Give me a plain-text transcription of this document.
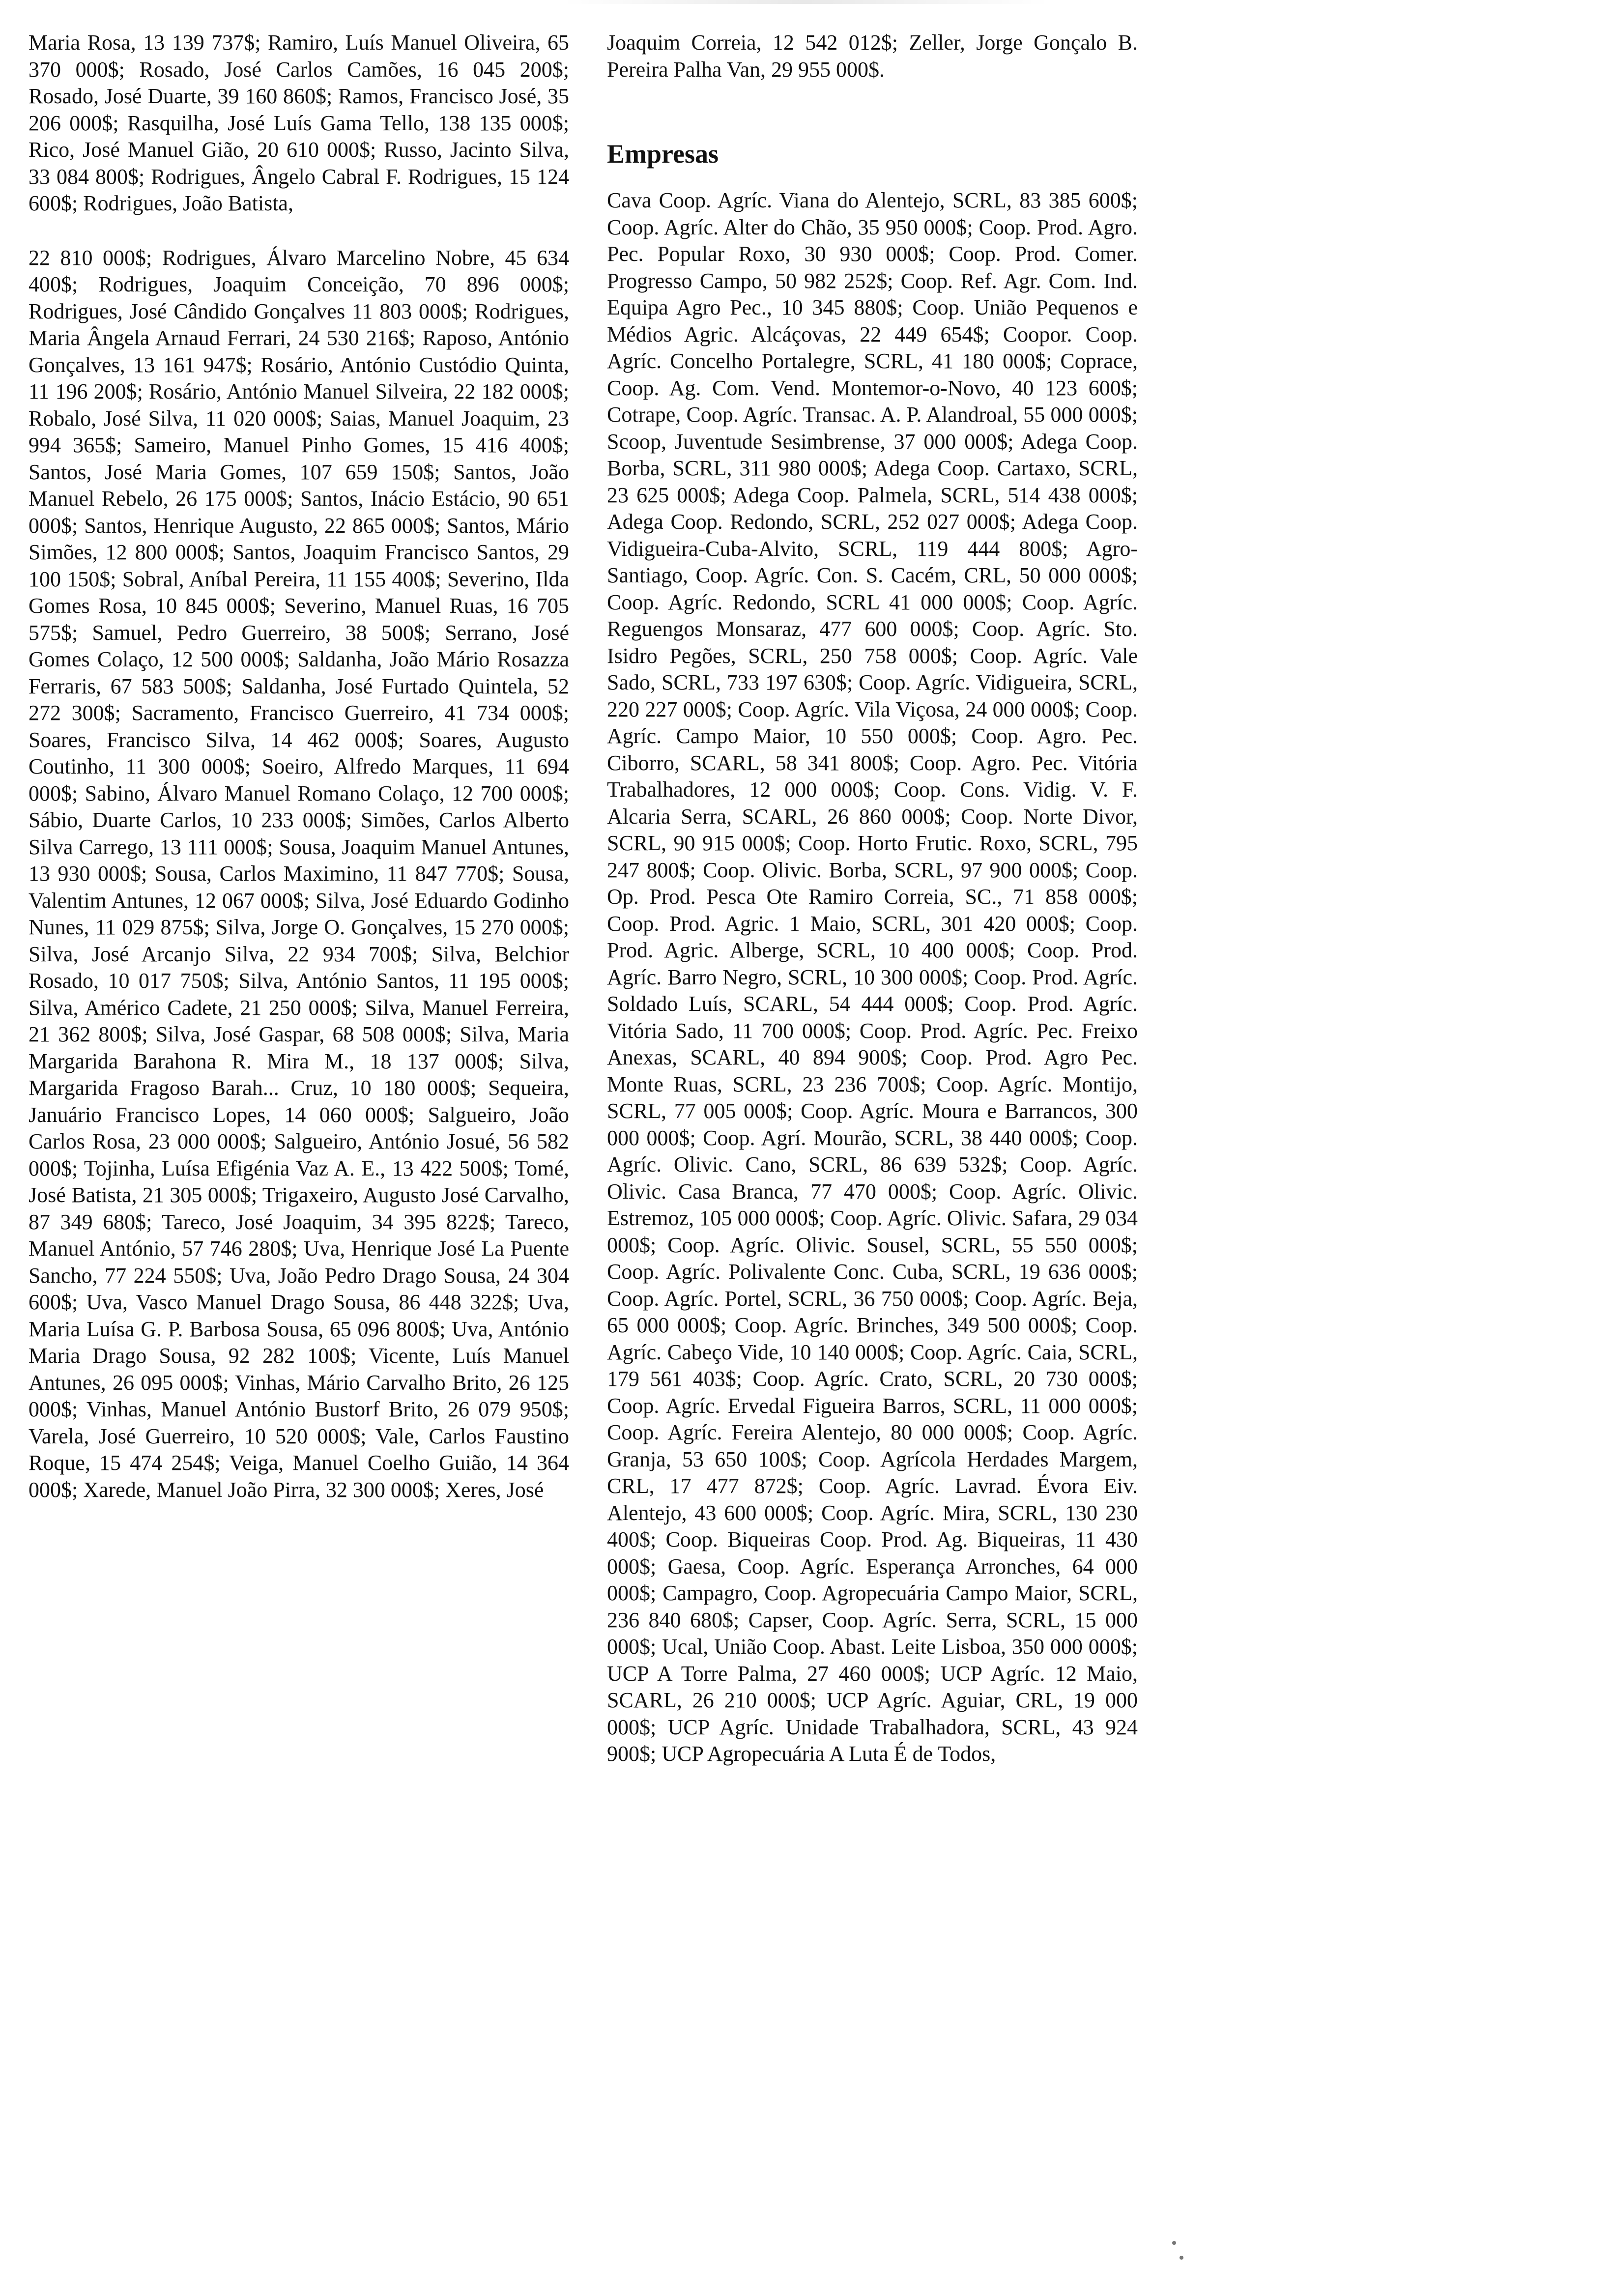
Maria Rosa, 13 139 737$; Ramiro, Luís Manuel Oliveira, 65 370 000$; Rosado, José Carlos Camões, 16 045 200$; Rosado, José Duarte, 39 160 860$; Ramos, Francisco José, 35 206 000$; Rasquilha, José Luís Gama Tello, 138 135 000$; Rico, José Manuel Gião, 20 610 000$; Russo, Jacinto Silva, 33 084 800$; Rodrigues, Ângelo Cabral F. Rodrigues, 15 124 600$; Rodrigues, João Batista,

22 810 000$; Rodrigues, Álvaro Marcelino Nobre, 45 634 400$; Rodrigues, Joaquim Conceição, 70 896 000$; Rodrigues, José Cândido Gonçalves 11 803 000$; Rodrigues, Maria Ângela Arnaud Ferrari, 24 530 216$; Raposo, António Gonçalves, 13 161 947$; Rosário, António Custódio Quinta, 11 196 200$; Rosário, António Manuel Silveira, 22 182 000$; Robalo, José Silva, 11 020 000$; Saias, Manuel Joaquim, 23 994 365$; Sameiro, Manuel Pinho Gomes, 15 416 400$; Santos, José Maria Gomes, 107 659 150$; Santos, João Manuel Rebelo, 26 175 000$; Santos, Inácio Estácio, 90 651 000$; Santos, Henrique Augusto, 22 865 000$; Santos, Mário Simões, 12 800 000$; Santos, Joaquim Francisco Santos, 29 100 150$; Sobral, Aníbal Pereira, 11 155 400$; Severino, Ilda Gomes Rosa, 10 845 000$; Severino, Manuel Ruas, 16 705 575$; Samuel, Pedro Guerreiro, 38 500$; Serrano, José Gomes Colaço, 12 500 000$; Saldanha, João Mário Rosazza Ferraris, 67 583 500$; Saldanha, José Furtado Quintela, 52 272 300$; Sacramento, Francisco Guerreiro, 41 734 000$; Soares, Francisco Silva, 14 462 000$; Soares, Augusto Coutinho, 11 300 000$; Soeiro, Alfredo Marques, 11 694 000$; Sabino, Álvaro Manuel Romano Colaço, 12 700 000$; Sábio, Duarte Carlos, 10 233 000$; Simões, Carlos Alberto Silva Carrego, 13 111 000$; Sousa, Joaquim Manuel Antunes, 13 930 000$; Sousa, Carlos Maximino, 11 847 770$; Sousa, Valentim Antunes, 12 067 000$; Silva, José Eduardo Godinho Nunes, 11 029 875$; Silva, Jorge O. Gonçalves, 15 270 000$; Silva, José Arcanjo Silva, 22 934 700$; Silva, Belchior Rosado, 10 017 750$; Silva, António Santos, 11 195 000$; Silva, Américo Cadete, 21 250 000$; Silva, Manuel Ferreira, 21 362 800$; Silva, José Gaspar, 68 508 000$; Silva, Maria Margarida Barahona R. Mira M., 18 137 000$; Silva, Margarida Fragoso Barah... Cruz, 10 180 000$; Sequeira, Januário Francisco Lopes, 14 060 000$; Salgueiro, João Carlos Rosa, 23 000 000$; Salgueiro, António Josué, 56 582 000$; Tojinha, Luísa Efigénia Vaz A. E., 13 422 500$; Tomé, José Batista, 21 305 000$; Trigaxeiro, Augusto José Carvalho, 87 349 680$; Tareco, José Joaquim, 34 395 822$; Tareco, Manuel António, 57 746 280$; Uva, Henrique José La Puente Sancho, 77 224 550$; Uva, João Pedro Drago Sousa, 24 304 600$; Uva, Vasco Manuel Drago Sousa, 86 448 322$; Uva, Maria Luísa G. P. Barbosa Sousa, 65 096 800$; Uva, António Maria Drago Sousa, 92 282 100$; Vicente, Luís Manuel Antunes, 26 095 000$; Vinhas, Mário Carvalho Brito, 26 125 000$; Vinhas, Manuel António Bustorf Brito, 26 079 950$; Varela, José Guerreiro, 10 520 000$; Vale, Carlos Faustino Roque, 15 474 254$; Veiga, Manuel Coelho Guião, 14 364 000$; Xarede, Manuel João Pirra, 32 300 000$; Xeres, José

Joaquim Correia, 12 542 012$; Zeller, Jorge Gonçalo B. Pereira Palha Van, 29 955 000$.

Empresas

Cava Coop. Agríc. Viana do Alentejo, SCRL, 83 385 600$; Coop. Agríc. Alter do Chão, 35 950 000$; Coop. Prod. Agro. Pec. Popular Roxo, 30 930 000$; Coop. Prod. Comer. Progresso Campo, 50 982 252$; Coop. Ref. Agr. Com. Ind. Equipa Agro Pec., 10 345 880$; Coop. União Pequenos e Médios Agric. Alcáçovas, 22 449 654$; Coopor. Coop. Agríc. Concelho Portalegre, SCRL, 41 180 000$; Coprace, Coop. Ag. Com. Vend. Montemor-o-Novo, 40 123 600$; Cotrape, Coop. Agríc. Transac. A. P. Alandroal, 55 000 000$; Scoop, Juventude Sesimbrense, 37 000 000$; Adega Coop. Borba, SCRL, 311 980 000$; Adega Coop. Cartaxo, SCRL, 23 625 000$; Adega Coop. Palmela, SCRL, 514 438 000$; Adega Coop. Redondo, SCRL, 252 027 000$; Adega Coop. Vidigueira-Cuba-Alvito, SCRL, 119 444 800$; Agro-Santiago, Coop. Agríc. Con. S. Cacém, CRL, 50 000 000$; Coop. Agríc. Redondo, SCRL 41 000 000$; Coop. Agríc. Reguengos Monsaraz, 477 600 000$; Coop. Agríc. Sto. Isidro Pegões, SCRL, 250 758 000$; Coop. Agríc. Vale Sado, SCRL, 733 197 630$; Coop. Agríc. Vidigueira, SCRL, 220 227 000$; Coop. Agríc. Vila Viçosa, 24 000 000$; Coop. Agríc. Campo Maior, 10 550 000$; Coop. Agro. Pec. Ciborro, SCARL, 58 341 800$; Coop. Agro. Pec. Vitória Trabalhadores, 12 000 000$; Coop. Cons. Vidig. V. F. Alcaria Serra, SCARL, 26 860 000$; Coop. Norte Divor, SCRL, 90 915 000$; Coop. Horto Frutic. Roxo, SCRL, 795 247 800$; Coop. Olivic. Borba, SCRL, 97 900 000$; Coop. Op. Prod. Pesca Ote Ramiro Correia, SC., 71 858 000$; Coop. Prod. Agric. 1 Maio, SCRL, 301 420 000$; Coop. Prod. Agric. Alberge, SCRL, 10 400 000$; Coop. Prod. Agríc. Barro Negro, SCRL, 10 300 000$; Coop. Prod. Agríc. Soldado Luís, SCARL, 54 444 000$; Coop. Prod. Agríc. Vitória Sado, 11 700 000$; Coop. Prod. Agríc. Pec. Freixo Anexas, SCARL, 40 894 900$; Coop. Prod. Agro Pec. Monte Ruas, SCRL, 23 236 700$; Coop. Agríc. Montijo, SCRL, 77 005 000$; Coop. Agríc. Moura e Barrancos, 300 000 000$; Coop. Agrí. Mourão, SCRL, 38 440 000$; Coop. Agríc. Olivic. Cano, SCRL, 86 639 532$; Coop. Agríc. Olivic. Casa Branca, 77 470 000$; Coop. Agríc. Olivic. Estremoz, 105 000 000$; Coop. Agríc. Olivic. Safara, 29 034 000$; Coop. Agríc. Olivic. Sousel, SCRL, 55 550 000$; Coop. Agríc. Polivalente Conc. Cuba, SCRL, 19 636 000$; Coop. Agríc. Portel, SCRL, 36 750 000$; Coop. Agríc. Beja, 65 000 000$; Coop. Agríc. Brinches, 349 500 000$; Coop. Agríc. Cabeço Vide, 10 140 000$; Coop. Agríc. Caia, SCRL, 179 561 403$; Coop. Agríc. Crato, SCRL, 20 730 000$; Coop. Agríc. Ervedal Figueira Barros, SCRL, 11 000 000$; Coop. Agríc. Fereira Alentejo, 80 000 000$; Coop. Agríc. Granja, 53 650 100$; Coop. Agrícola Herdades Margem, CRL, 17 477 872$; Coop. Agríc. Lavrad. Évora Eiv. Alentejo, 43 600 000$; Coop. Agríc. Mira, SCRL, 130 230 400$; Coop. Biqueiras Coop. Prod. Ag. Biqueiras, 11 430 000$; Gaesa, Coop. Agríc. Esperança Arronches, 64 000 000$; Campagro, Coop. Agropecuária Campo Maior, SCRL, 236 840 680$; Capser, Coop. Agríc. Serra, SCRL, 15 000 000$; Ucal, União Coop. Abast. Leite Lisboa, 350 000 000$; UCP A Torre Palma, 27 460 000$; UCP Agríc. 12 Maio, SCARL, 26 210 000$; UCP Agríc. Aguiar, CRL, 19 000 000$; UCP Agríc. Unidade Trabalhadora, SCRL, 43 924 900$; UCP Agropecuária A Luta É de Todos,
